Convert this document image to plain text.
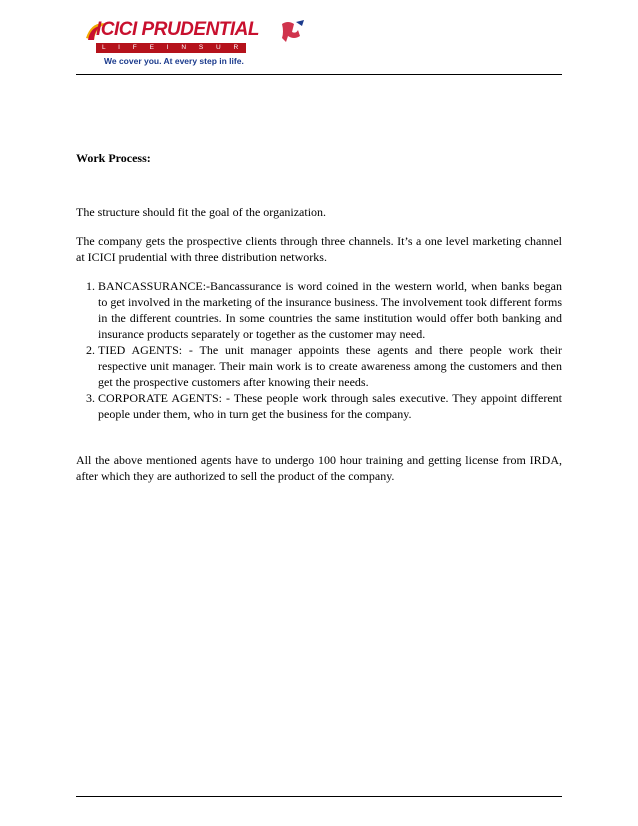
ICICI PRUDENTIAL
L I F E I N S U R A N C E
We cover you. At every step in life.

Work Process:

The structure should fit the goal of the organization.

The company gets the prospective clients through three channels. It’s a one level marketing channel at ICICI prudential with three distribution networks.

1. BANCASSURANCE:-Bancassurance is word coined in the western world, when banks began to get involved in the marketing of the insurance business. The involvement took different forms in the different countries. In some countries the same institution would offer both banking and insurance products separately or together as the customer may need.
2. TIED AGENTS: - The unit manager appoints these agents and there people work their respective unit manager. Their main work is to create awareness among the customers and then get the prospective customers after knowing their needs.
3. CORPORATE AGENTS: - These people work through sales executive. They appoint different people under them, who in turn get the business for the company.

All the above mentioned agents have to undergo 100 hour training and getting license from IRDA, after which they are authorized to sell the product of the company.
